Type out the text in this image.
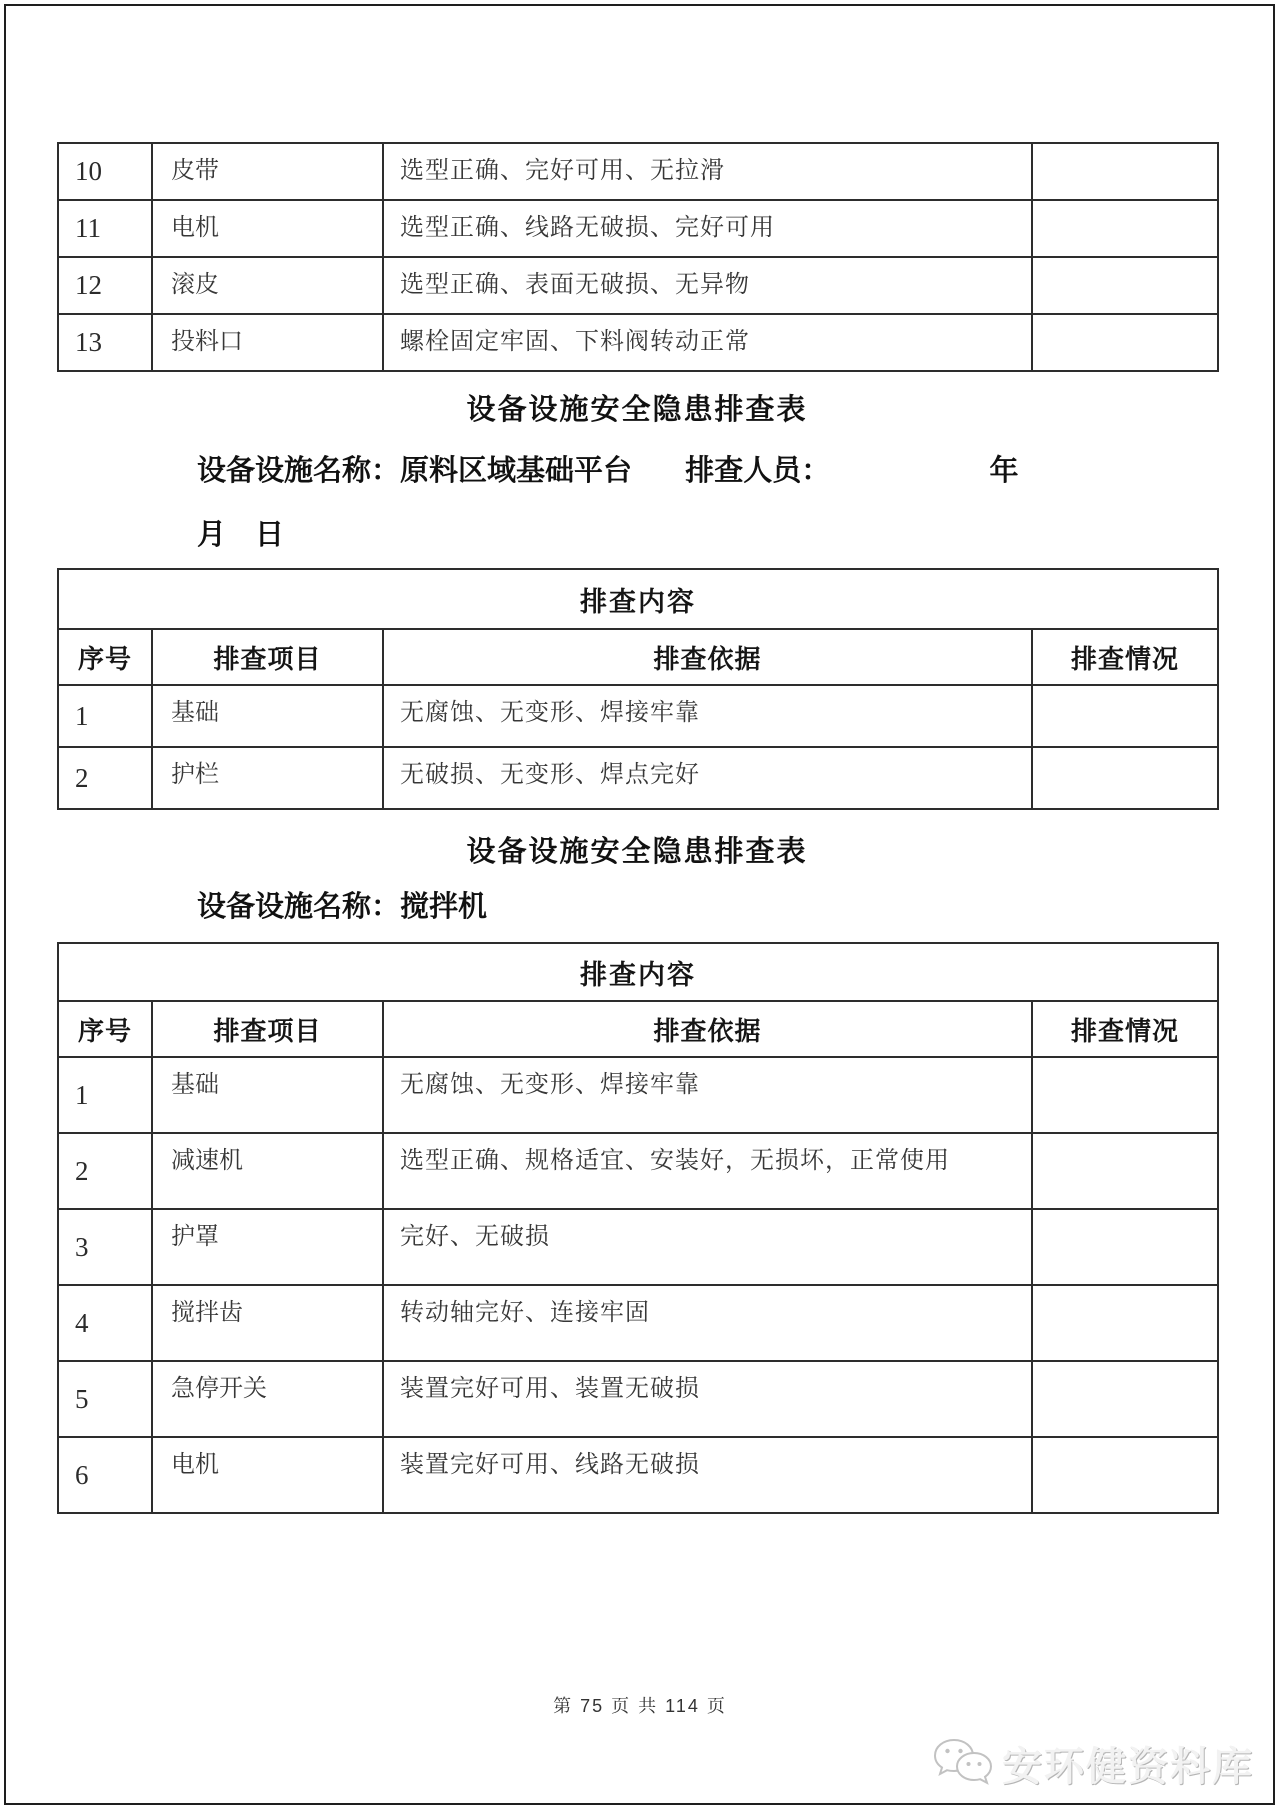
10	皮带	选型正确、完好可用、无拉滑	
11	电机	选型正确、线路无破损、完好可用	
12	滚皮	选型正确、表面无破损、无异物	
13	投料口	螺栓固定牢固、下料阀转动正常	
设备设施安全隐患排查表
设备设施名称：原料区域基础平台 排查人员：	年
月　日
排查内容			
序号	排查项目	排查依据	排查情况
1	基础	无腐蚀、无变形、焊接牢靠	
2	护栏	无破损、无变形、焊点完好	
设备设施安全隐患排查表
设备设施名称：搅拌机
排查内容			
序号	排查项目	排查依据	排查情况
1	基础	无腐蚀、无变形、焊接牢靠	
2	减速机	选型正确、规格适宜、安装好，无损坏，正常使用	
3	护罩	完好、无破损	
4	搅拌齿	转动轴完好、连接牢固	
5	急停开关	装置完好可用、装置无破损	
6	电机	装置完好可用、线路无破损	
第 75 页 共 114 页
安环健资料库
